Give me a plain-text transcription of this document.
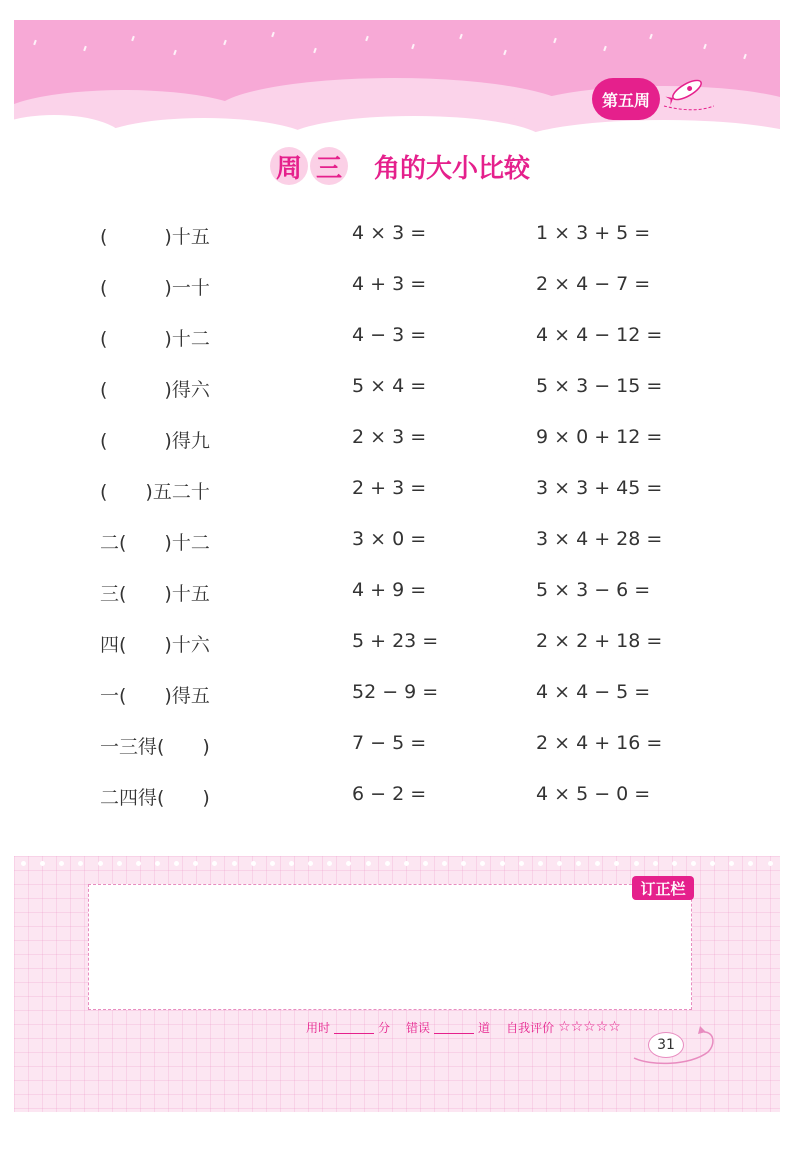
第五周
周 三 角的大小比较
(　　　)十五	4 × 3 =	1 × 3 + 5 =
(　　　)一十	4 + 3 =	2 × 4 − 7 =
(　　　)十二	4 − 3 =	4 × 4 − 12 =
(　　　)得六	5 × 4 =	5 × 3 − 15 =
(　　　)得九	2 × 3 =	9 × 0 + 12 =
(　　)五二十	2 + 3 =	3 × 3 + 45 =
二(　　)十二	3 × 0 =	3 × 4 + 28 =
三(　　)十五	4 + 9 =	5 × 3 − 6 =
四(　　)十六	5 + 23 =	2 × 2 + 18 =
一(　　)得五	52 − 9 =	4 × 4 − 5 =
一三得(　　)	7 − 5 =	2 × 4 + 16 =
二四得(　　)	6 − 2 =	4 × 5 − 0 =
订正栏
用时	分 错误	道 自我评价 ☆☆☆☆☆
31
